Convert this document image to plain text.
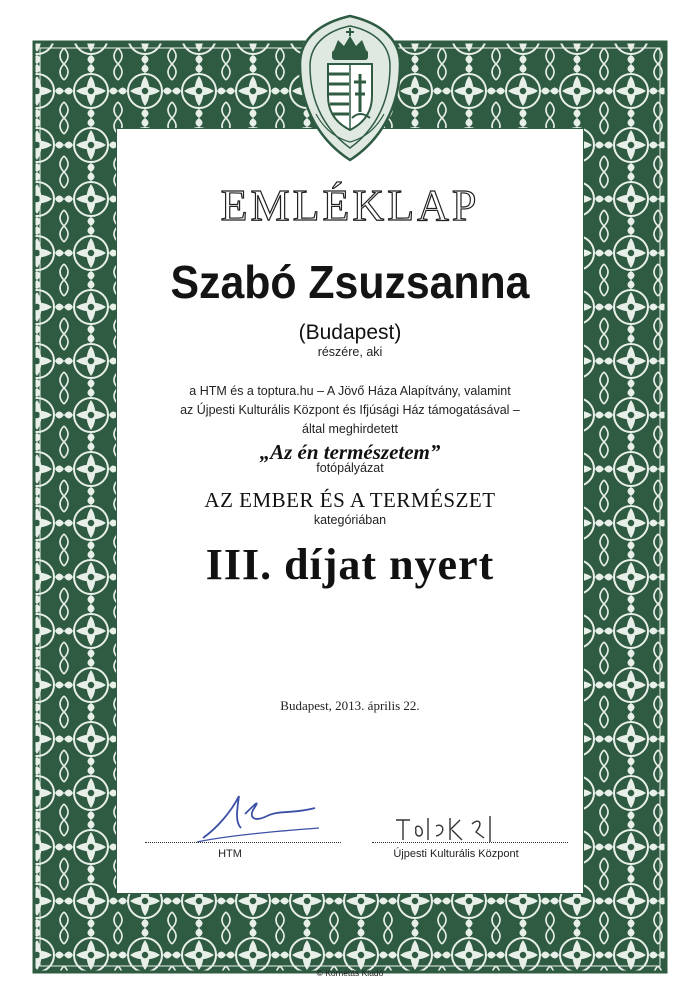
EMLÉKLAP
Szabó Zsuzsanna
(Budapest)
részére, aki
a HTM és a toptura.hu – A Jövő Háza Alapítvány, valamint
az Újpesti Kulturális Központ és Ifjúsági Ház támogatásával –
által meghirdetett
„Az én természetem”
fotópályázat
AZ EMBER ÉS A TERMÉSZET
kategóriában
III. díjat nyert
Budapest, 2013. április 22.
HTM	Újpesti Kulturális Központ
© Kornétás Kiadó
